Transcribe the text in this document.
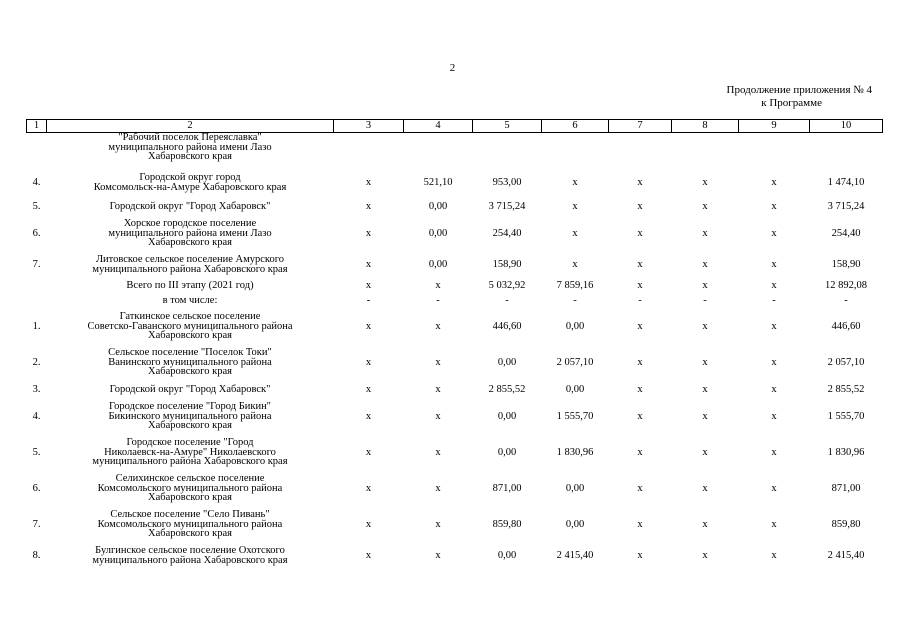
2
Продолжение приложения № 4
к Программе
1	2	3	4	5	6	7	8	9	10

	"Рабочий поселок Переяславка"
муниципального района имени Лазо
Хабаровского края								

4.	Городской округ город
Комсомольск-на-Амуре Хабаровского края	х	521,10	953,00	х	х	х	х	1 474,10
5.	Городской округ "Город Хабаровск"	х	0,00	3 715,24	х	х	х	х	3 715,24
6.	Хорское городское поселение
муниципального района имени Лазо
Хабаровского края	х	0,00	254,40	х	х	х	х	254,40
7.	Литовское сельское поселение Амурского
муниципального района Хабаровского края	х	0,00	158,90	х	х	х	х	158,90

	Всего по III этапу (2021 год)	х	х	5 032,92	7 859,16	х	х	х	12 892,08

	в том числе:	-	-	-	-	-	-	-	-
1.	Гаткинское сельское поселение
Советско-Гаванского муниципального района
Хабаровского края	х	х	446,60	0,00	х	х	х	446,60
2.	Сельское поселение "Поселок Токи"
Ванинского муниципального района
Хабаровского края	х	х	0,00	2 057,10	х	х	х	2 057,10
3.	Городской округ "Город Хабаровск"	х	х	2 855,52	0,00	х	х	х	2 855,52
4.	Городское поселение "Город Бикин"
Бикинского муниципального района
Хабаровского края	х	х	0,00	1 555,70	х	х	х	1 555,70
5.	Городское поселение "Город
Николаевск-на-Амуре" Николаевского
муниципального района Хабаровского края	х	х	0,00	1 830,96	х	х	х	1 830,96
6.	Селихинское сельское поселение
Комсомольского муниципального района
Хабаровского края	х	х	871,00	0,00	х	х	х	871,00
7.	Сельское поселение "Село Пивань"
Комсомольского муниципального района
Хабаровского края	х	х	859,80	0,00	х	х	х	859,80
8.	Булгинское сельское поселение Охотского
муниципального района Хабаровского края	х	х	0,00	2 415,40	х	х	х	2 415,40
